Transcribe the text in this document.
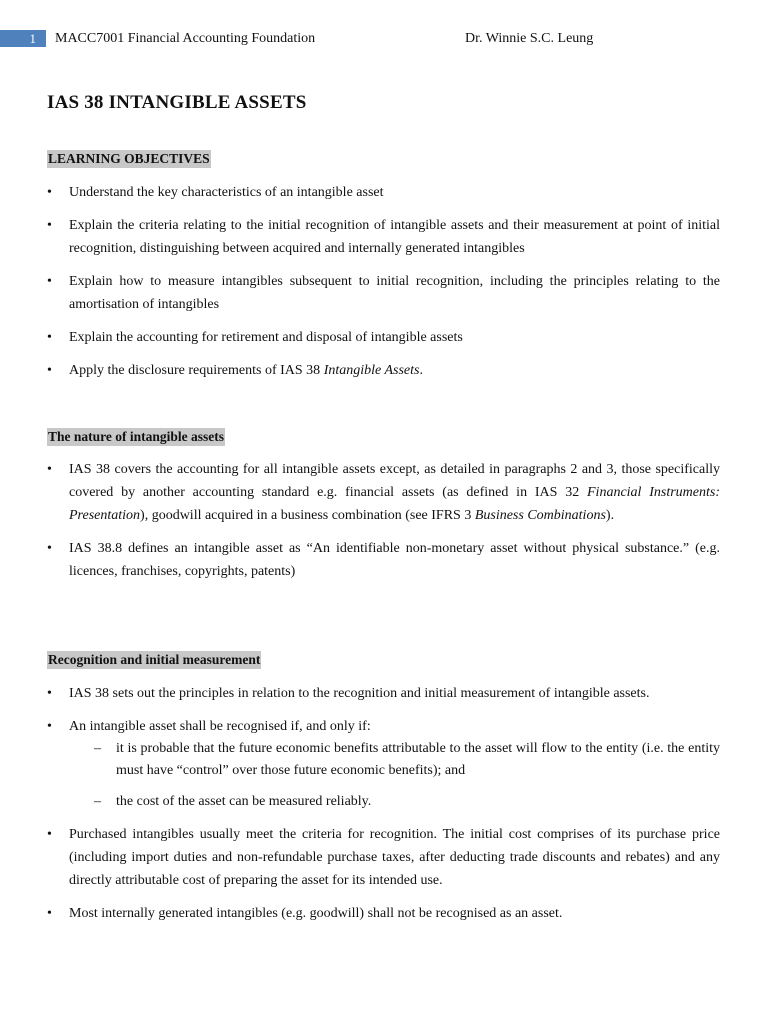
1	MACC7001 Financial Accounting Foundation	Dr. Winnie S.C. Leung
IAS 38 INTANGIBLE ASSETS
LEARNING OBJECTIVES
• Understand the key characteristics of an intangible asset
• Explain the criteria relating to the initial recognition of intangible assets and their measurement at point of initial recognition, distinguishing between acquired and internally generated intangibles
• Explain how to measure intangibles subsequent to initial recognition, including the principles relating to the amortisation of intangibles
• Explain the accounting for retirement and disposal of intangible assets
• Apply the disclosure requirements of IAS 38 Intangible Assets.
The nature of intangible assets
• IAS 38 covers the accounting for all intangible assets except, as detailed in paragraphs 2 and 3, those specifically covered by another accounting standard e.g. financial assets (as defined in IAS 32 Financial Instruments: Presentation), goodwill acquired in a business combination (see IFRS 3 Business Combinations).
• IAS 38.8 defines an intangible asset as “An identifiable non-monetary asset without physical substance.” (e.g. licences, franchises, copyrights, patents)
Recognition and initial measurement
• IAS 38 sets out the principles in relation to the recognition and initial measurement of intangible assets.
• An intangible asset shall be recognised if, and only if:
– it is probable that the future economic benefits attributable to the asset will flow to the entity (i.e. the entity must have “control” over those future economic benefits); and
– the cost of the asset can be measured reliably.
• Purchased intangibles usually meet the criteria for recognition. The initial cost comprises of its purchase price (including import duties and non-refundable purchase taxes, after deducting trade discounts and rebates) and any directly attributable cost of preparing the asset for its intended use.
• Most internally generated intangibles (e.g. goodwill) shall not be recognised as an asset.
